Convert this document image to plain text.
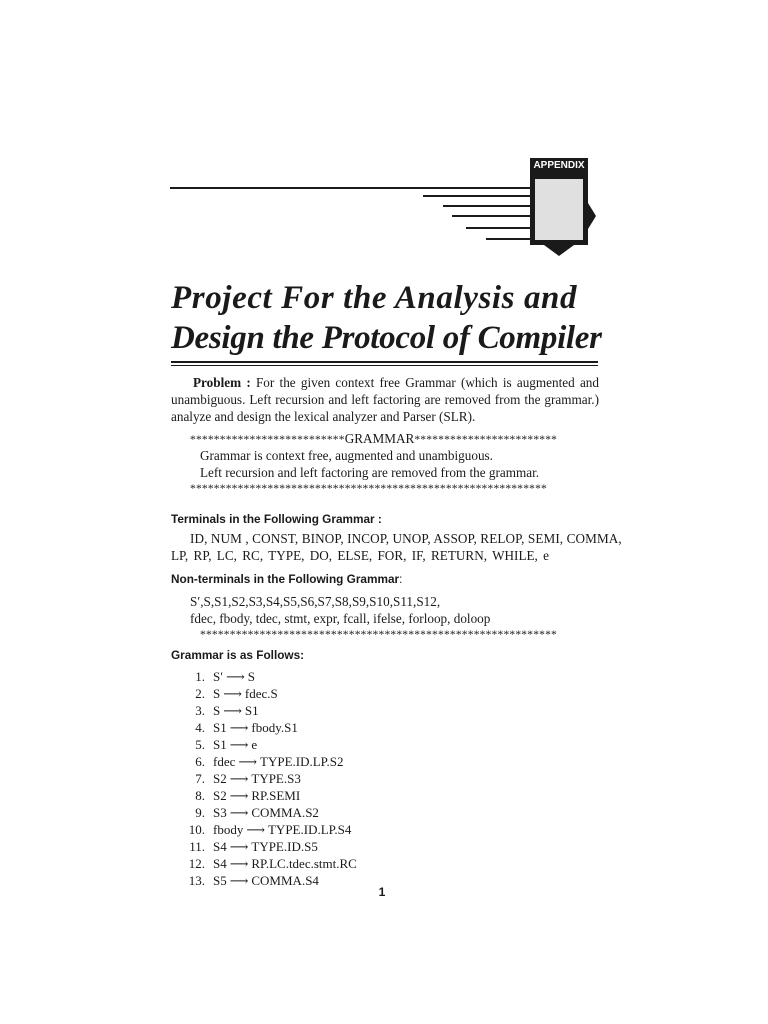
APPENDIX
Project For the Analysis and
Design the Protocol of Compiler
Problem : For the given context free Grammar (which is augmented and unambiguous. Left recursion and left factoring are removed from the grammar.) analyze and design the lexical analyzer and Parser (SLR).
**************************GRAMMAR************************
Grammar is context free, augmented and unambiguous.
Left recursion and left factoring are removed from the grammar.
************************************************************
Terminals in the Following Grammar :
ID, NUM , CONST, BINOP, INCOP, UNOP, ASSOP, RELOP, SEMI, COMMA,
LP, RP, LC, RC, TYPE, DO, ELSE, FOR, IF, RETURN, WHILE, e
Non-terminals in the Following Grammar:
S′,S,S1,S2,S3,S4,S5,S6,S7,S8,S9,S10,S11,S12,
fdec, fbody, tdec, stmt, expr, fcall, ifelse, forloop, doloop
************************************************************
Grammar is as Follows:
1. S′ ⟶ S
2. S ⟶ fdec.S
3. S ⟶ S1
4. S1 ⟶ fbody.S1
5. S1 ⟶ e
6. fdec ⟶ TYPE.ID.LP.S2
7. S2 ⟶ TYPE.S3
8. S2 ⟶ RP.SEMI
9. S3 ⟶ COMMA.S2
10. fbody ⟶ TYPE.ID.LP.S4
11. S4 ⟶ TYPE.ID.S5
12. S4 ⟶ RP.LC.tdec.stmt.RC
13. S5 ⟶ COMMA.S4
1
